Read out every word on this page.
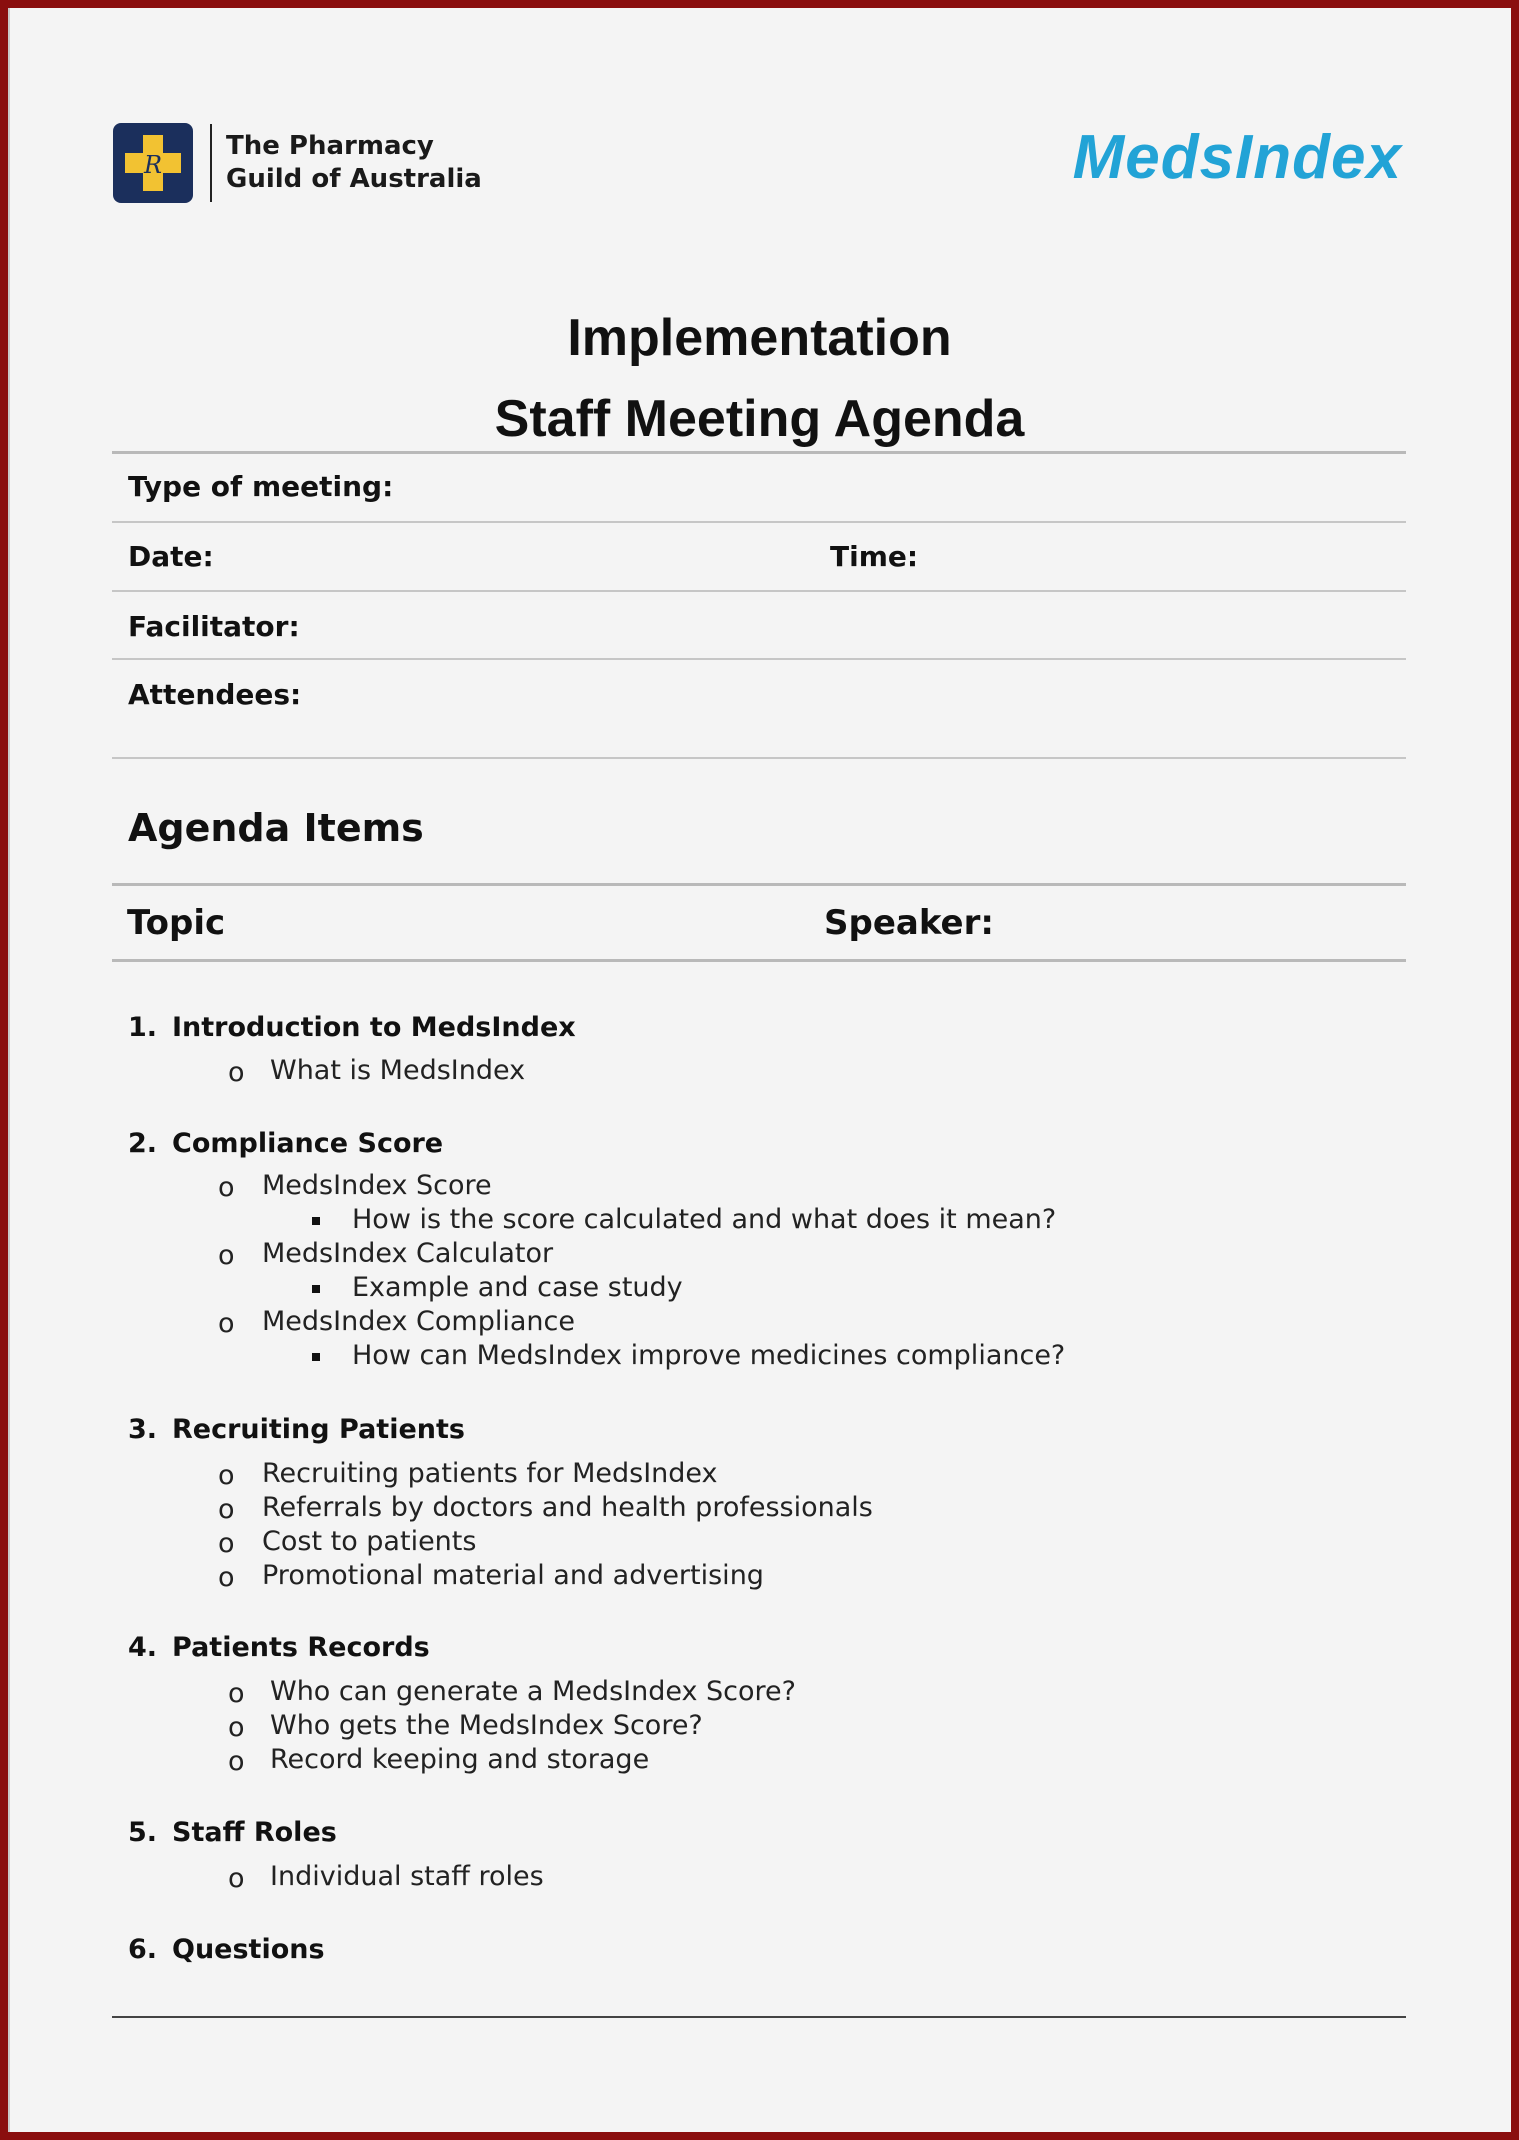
R
The Pharmacy
Guild of Australia	MedsIndex
Implementation
Staff Meeting Agenda
Type of meeting:
Date:	Time:
Facilitator:
Attendees:
Agenda Items
Topic	Speaker:
1. Introduction to MedsIndex
o What is MedsIndex
2. Compliance Score
o MedsIndex Score
How is the score calculated and what does it mean?
o MedsIndex Calculator
Example and case study
o MedsIndex Compliance
How can MedsIndex improve medicines compliance?
3. Recruiting Patients
o Recruiting patients for MedsIndex
o Referrals by doctors and health professionals
o Cost to patients
o Promotional material and advertising
4. Patients Records
o Who can generate a MedsIndex Score?
o Who gets the MedsIndex Score?
o Record keeping and storage
5. Staff Roles
o Individual staff roles
6. Questions
